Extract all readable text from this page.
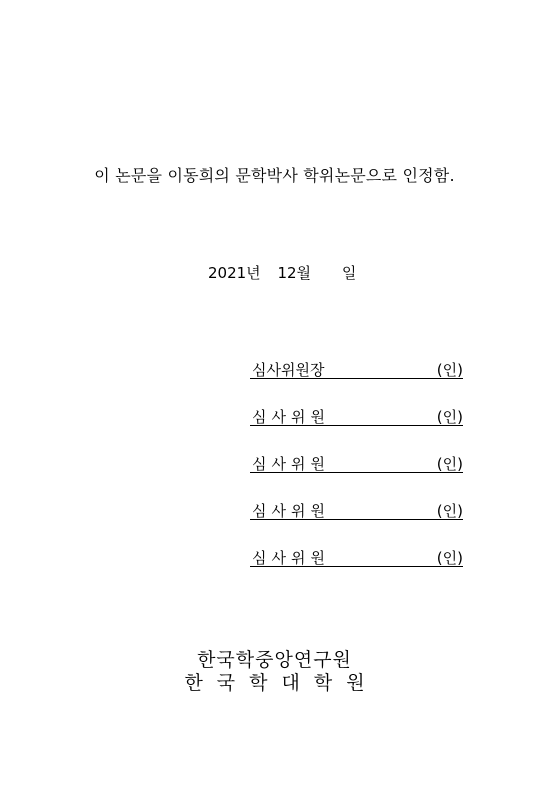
이 논문을 이동희의 문학박사 학위논문으로 인정함.
2021년 12월 일
심사위원장	(인)
심사위원	(인)
심사위원	(인)
심사위원	(인)
심사위원	(인)
한국학중앙연구원
한국학대학원
